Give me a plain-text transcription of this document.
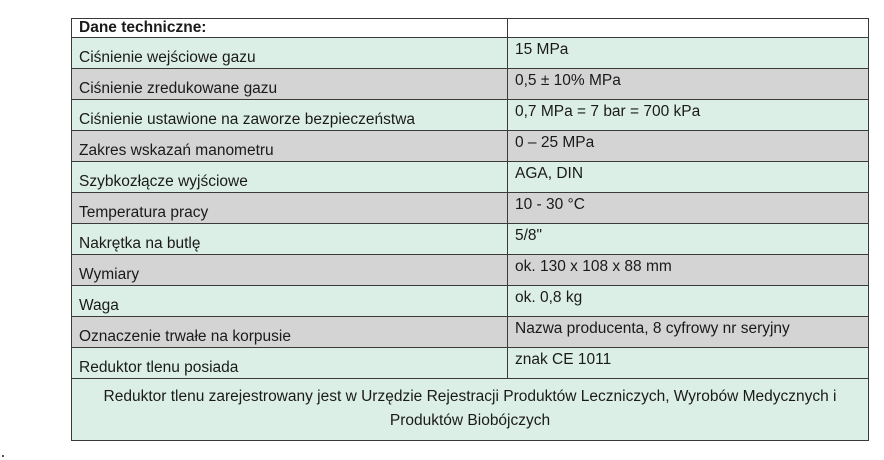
Dane techniczne:	
Ciśnienie wejściowe gazu	15 MPa
Ciśnienie zredukowane gazu	0,5 ± 10% MPa
Ciśnienie ustawione na zaworze bezpieczeństwa	0,7 MPa = 7 bar = 700 kPa
Zakres wskazań manometru	0 – 25 MPa
Szybkozłącze wyjściowe	AGA, DIN
Temperatura pracy	10 - 30 °C
Nakrętka na butlę	5/8"
Wymiary	ok. 130 x 108 x 88 mm
Waga	ok. 0,8 kg
Oznaczenie trwałe na korpusie	Nazwa producenta, 8 cyfrowy nr seryjny
Reduktor tlenu posiada	znak CE 1011
Reduktor tlenu zarejestrowany jest w Urzędzie Rejestracji Produktów Leczniczych, Wyrobów Medycznych i Produktów Biobójczych	
